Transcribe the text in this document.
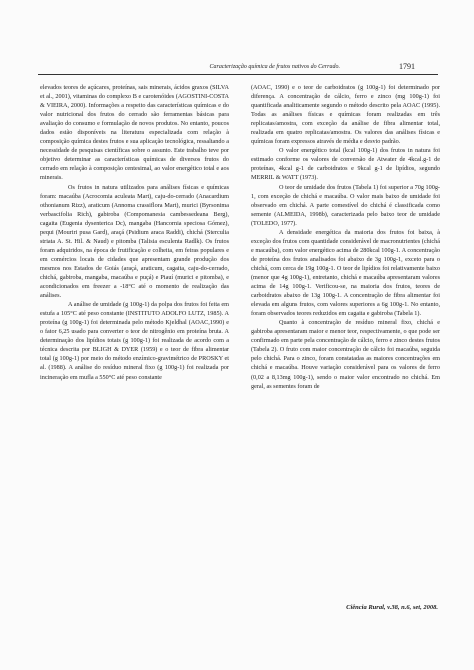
Caracterização química de frutos nativos do Cerrado.	1791

elevados teores de açúcares, proteínas, sais minerais, ácidos graxos (SILVA et al., 2001), vitaminas do complexo B e carotenóides (AGOSTINI-COSTA & VIEIRA, 2000). Informações a respeito das características químicas e do valor nutricional dos frutos do cerrado são ferramentas básicas para avaliação do consumo e formulação de novos produtos. No entanto, poucos dados estão disponíveis na literatura especializada com relação à composição química destes frutos e sua aplicação tecnológica, ressaltando a necessidade de pesquisas científicas sobre o assunto. Este trabalho teve por objetivo determinar as características químicas de diversos frutos do cerrado em relação à composição centesimal, ao valor energético total e aos minerais.

Os frutos in natura utilizados para análises físicas e químicas foram: macaúba (Acrocomia aculeata Mart), caju-do-cerrado (Anacardium othonianum Rizz), araticum (Annoma crassiflora Mart), murici (Byrsonima verbascifolia Rich), gabiroba (Compomanesia cambessedeana Berg), cagaita (Eugenia dysenterica Dc), mangaba (Hancornia speciosa Gómez), pequi (Mouriri pusa Gard), araçá (Psidium araca Raddi), chichá (Sterculia striata A. St. Hil. & Naud) e pitomba (Talisia esculenta Radlk). Os frutos foram adquiridos, na época de frutificação e colheita, em feiras populares e em comércios locais de cidades que apresentam grande produção dos mesmos nos Estados de Goiás (araçá, araticum, cagaita, caju-do-cerrado, chichá, gabiroba, mangaba, macaúba e puçá) e Piauí (murici e pitomba), e acondicionados em freezer a -18°C até o momento de realização das análises.

A análise de umidade (g 100g-1) da polpa dos frutos foi feita em estufa a 105°C até peso constante (INSTITUTO ADOLFO LUTZ, 1985). A proteína (g 100g-1) foi determinada pelo método Kjeldhal (AOAC,1990) e o fator 6,25 usado para converter o teor de nitrogênio em proteína bruta. A determinação dos lipídios totais (g 100g-1) foi realizada de acordo com a técnica descrita por BLIGH & DYER (1959) e o teor de fibra alimentar total (g 100g-1) por meio do método enzímico-gravimétrico de PROSKY et al. (1988). A análise do resíduo mineral fixo (g 100g-1) foi realizada por incineração em mufla a 550°C até peso constante

(AOAC, 1990) e o teor de carboidratos (g 100g-1) foi determinado por diferença. A concentração de cálcio, ferro e zinco (mg 100g-1) foi quantificada analiticamente segundo o método descrito pela AOAC (1995). Todas as análises físicas e químicas foram realizadas em três replicatas/amostra, com exceção da análise de fibra alimentar total, realizada em quatro replicatas/amostra. Os valores das análises físicas e químicas foram expressos através de média e desvio padrão.

O valor energético total (kcal 100g-1) dos frutos in natura foi estimado conforme os valores de conversão de Atwater de 4kcal.g-1 de proteínas, 4kcal g-1 de carboidratos e 9kcal g-1 de lipídios, segundo MERRIL & WATT (1973).

O teor de umidade dos frutos (Tabela 1) foi superior a 70g 100g-1, com exceção de chichá e macaúba. O valor mais baixo de umidade foi observado em chichá. A parte comestível do chichá é classificada como semente (ALMEIDA, 1998b), caracterizada pelo baixo teor de umidade (TOLEDO, 1977).

A densidade energética da maioria dos frutos foi baixa, à exceção dos frutos com quantidade considerável de macronutrientes (chichá e macaúba), com valor energético acima de 280kcal 100g-1. A concentração de proteína dos frutos analisados foi abaixo de 3g 100g-1, exceto para o chichá, com cerca de 19g 100g-1. O teor de lipídios foi relativamente baixo (menor que 4g 100g-1), entretanto, chichá e macaúba apresentaram valores acima de 14g 100g-1. Verificou-se, na maioria dos frutos, teores de carboidratos abaixo de 13g 100g-1. A concentração de fibra alimentar foi elevada em alguns frutos, com valores superiores a 6g 100g-1. No entanto, foram observados teores reduzidos em cagaita e gabiroba (Tabela 1).

Quanto à concentração de resíduo mineral fixo, chichá e gabiroba apresentaram maior e menor teor, respectivamente, o que pode ser confirmado em parte pela concentração de cálcio, ferro e zinco destes frutos (Tabela 2). O fruto com maior concentração de cálcio foi macaúba, seguida pelo chichá. Para o zinco, foram constatadas as maiores concentrações em chichá e macaúba. Houve variação considerável para os valores de ferro (0,02 a 8,13mg 100g-1), sendo o maior valor encontrado no chichá. Em geral, as sementes foram de

Ciência Rural, v.38, n.6, set, 2008.
